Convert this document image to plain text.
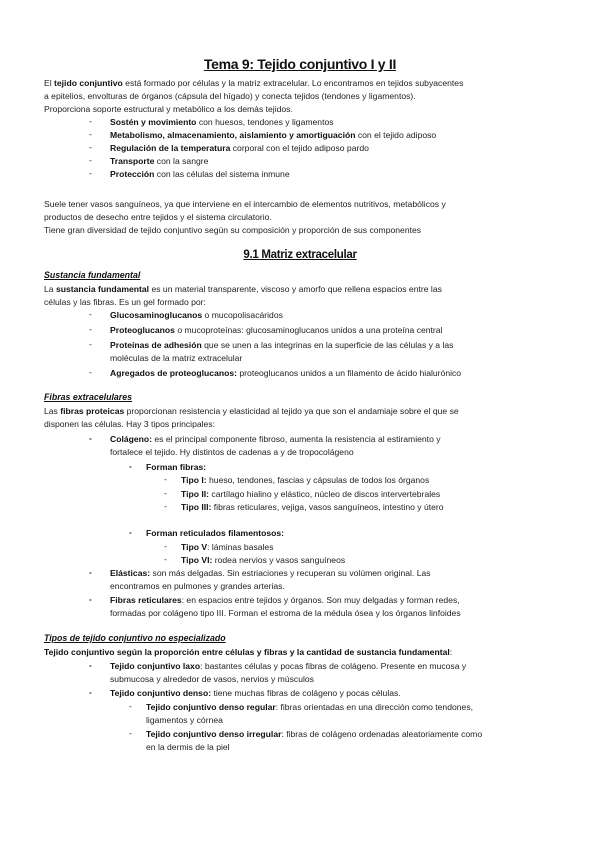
Tema 9: Tejido conjuntivo I y II
El tejido conjuntivo está formado por células y la matriz extracelular. Lo encontramos en tejidos subyacentes
a epitelios, envolturas de órganos (cápsula del hígado) y conecta tejidos (tendones y ligamentos).
Proporciona soporte estructural y metabólico a los demás tejidos.
- Sostén y movimiento con huesos, tendones y ligamentos
- Metabolismo, almacenamiento, aislamiento y amortiguación con el tejido adiposo
- Regulación de la temperatura corporal con el tejido adiposo pardo
- Transporte con la sangre
- Protección con las células del sistema inmune
Suele tener vasos sanguíneos, ya que interviene en el intercambio de elementos nutritivos, metabólicos y
productos de desecho entre tejidos y el sistema circulatorio.
Tiene gran diversidad de tejido conjuntivo según su composición y proporción de sus componentes
9.1 Matriz extracelular
Sustancia fundamental
La sustancia fundamental es un material transparente, viscoso y amorfo que rellena espacios entre las
células y las fibras. Es un gel formado por:
- Glucosaminoglucanos o mucopolisacáridos
- Proteoglucanos o mucoproteínas: glucosaminoglucanos unidos a una proteína central
- Proteínas de adhesión que se unen a las integrinas en la superficie de las células y a las
moléculas de la matriz extracelular
- Agregados de proteoglucanos: proteoglucanos unidos a un filamento de ácido hialurónico
Fibras extracelulares
Las fibras proteicas proporcionan resistencia y elasticidad al tejido ya que son el andamiaje sobre el que se
disponen las células. Hay 3 tipos principales:
- Colágeno: es el principal componente fibroso, aumenta la resistencia al estiramiento y
fortalece el tejido. Hy distintos de cadenas a y de tropocolágeno
- Forman fibras:
- Tipo I: hueso, tendones, fascias y cápsulas de todos los órganos
- Tipo II: cartílago hialino y elástico, núcleo de discos intervertebrales
- Tipo III: fibras reticulares, vejiga, vasos sanguíneos, intestino y útero
- Forman reticulados filamentosos:
- Tipo V: láminas basales
- Tipo VI: rodea nervios y vasos sanguíneos
- Elásticas: son más delgadas. Sin estriaciones y recuperan su volúmen original. Las
encontramos en pulmones y grandes arterias.
- Fibras reticulares: en espacios entre tejidos y órganos. Son muy delgadas y forman redes,
formadas por colágeno tipo III. Forman el estroma de la médula ósea y los órganos linfoides
Tipos de tejido conjuntivo no especializado
Tejido conjuntivo según la proporción entre células y fibras y la cantidad de sustancia fundamental:
- Tejido conjuntivo laxo: bastantes células y pocas fibras de colágeno. Presente en mucosa y
submucosa y alrededor de vasos, nervios y músculos
- Tejido conjuntivo denso: tiene muchas fibras de colágeno y pocas células.
- Tejido conjuntivo denso regular: fibras orientadas en una dirección como tendones,
ligamentos y córnea
- Tejido conjuntivo denso irregular: fibras de colágeno ordenadas aleatoriamente como
en la dermis de la piel
